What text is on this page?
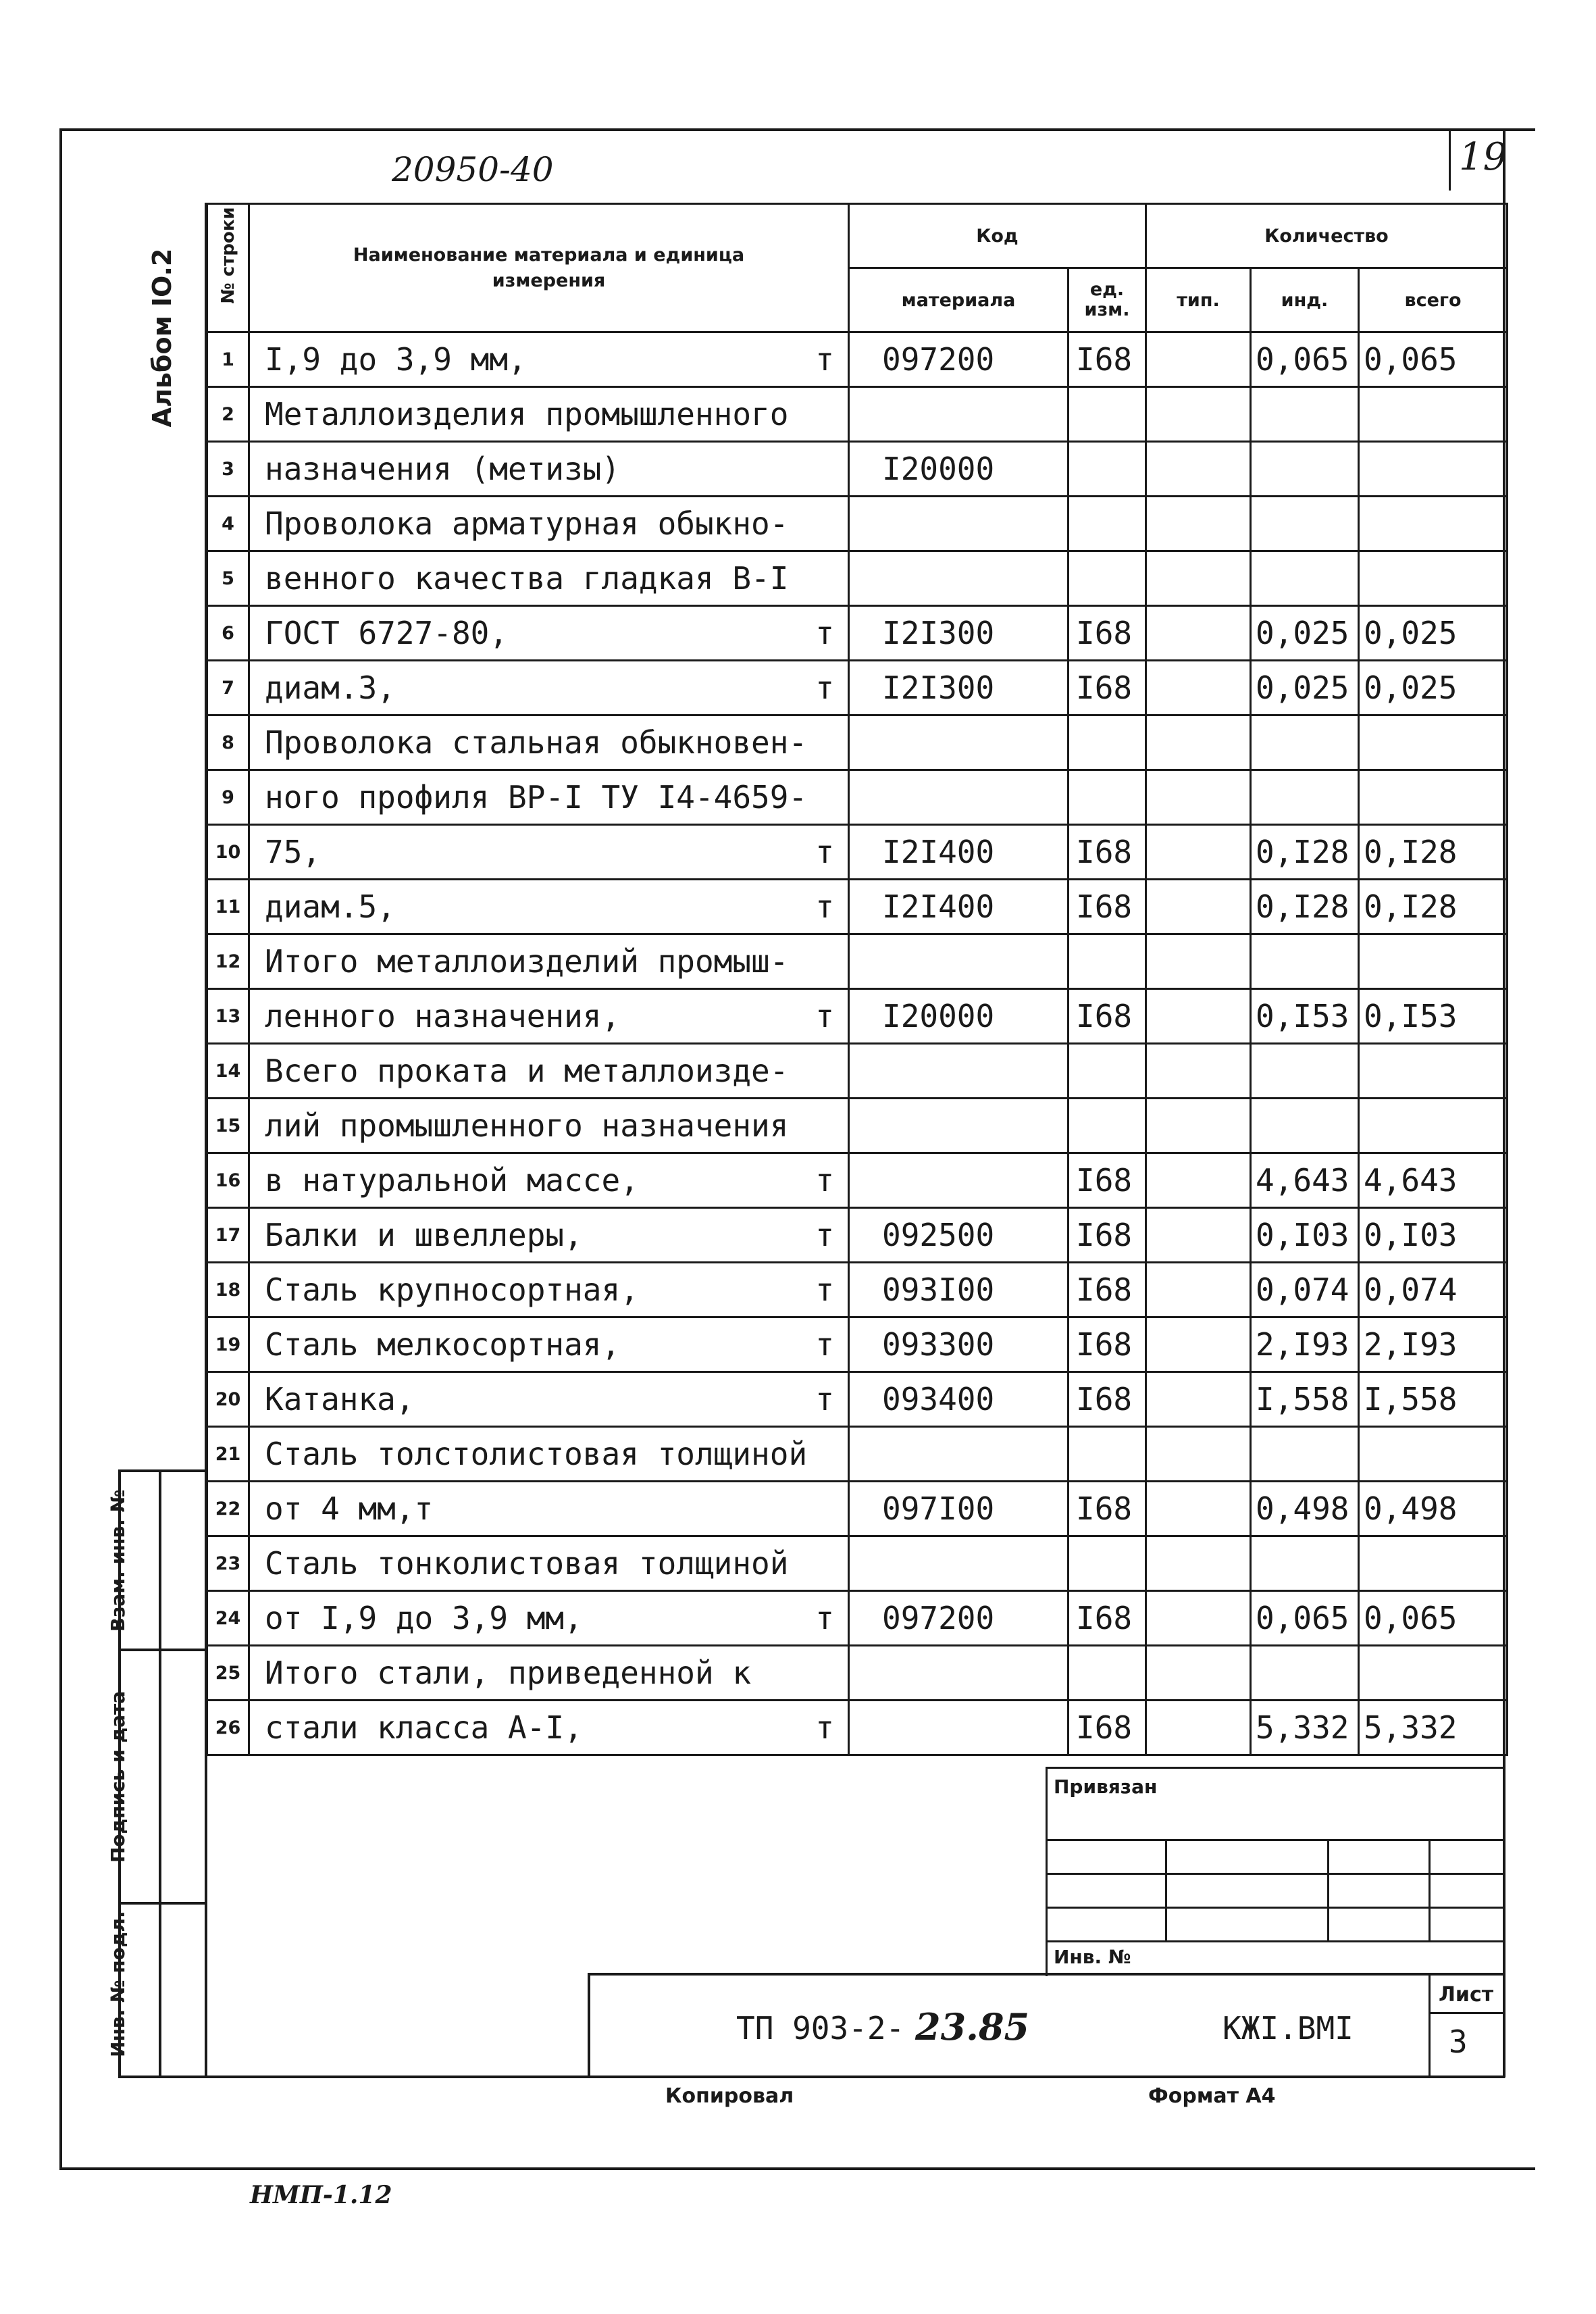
19
20950-40
Альбом IO.2	№ строки	Наименование материала и единица измерения	Код		Количество		
		материала	ед. изм.	тип.	инд.	всего
1	I,9 до 3,9 мм, т	097200	I68		0,065	0,065
2	Металлоизделия промышленного					

3	назначения (метизы)	I20000				
4	Проволока арматурная обыкно-					

5	венного качества гладкая В-I					

6	ГОСТ 6727-80, т	I2I300	I68		0,025	0,025
7	диам.3, т	I2I300	I68		0,025	0,025
8	Проволока стальная обыкновен-					

9	ного профиля ВР-I ТУ I4-4659-					

10	75, т	I2I400	I68		0,I28	0,I28
11	диам.5, т	I2I400	I68		0,I28	0,I28
12	Итого металлоизделий промыш-					

13	ленного назначения, т	I20000	I68		0,I53	0,I53
14	Всего проката и металлоизде-					

15	лий промышленного назначения					

16	в натуральной массе, т		I68		4,643	4,643
17	Балки и швеллеры, т	092500	I68		0,I03	0,I03
18	Сталь крупносортная, т	093I00	I68		0,074	0,074
19	Сталь мелкосортная, т	093300	I68		2,I93	2,I93
20	Катанка, т	093400	I68		I,558	I,558
21	Сталь толстолистовая толщиной					

22	от 4 мм,т	097I00	I68		0,498	0,498
23	Сталь тонколистовая толщиной					

24	от I,9 до 3,9 мм, т	097200	I68		0,065	0,065
25	Итого стали, приведенной к					

26	стали класса А-I, т		I68		5,332	5,332
Взам. инв. №
Подпись и дата
Инв. № подл.
Привязан
Инв. №
ТП 903-2- 23.85	КЖI.ВМI
Лист
3
Копировал	Формат А4
НМП-1.12
